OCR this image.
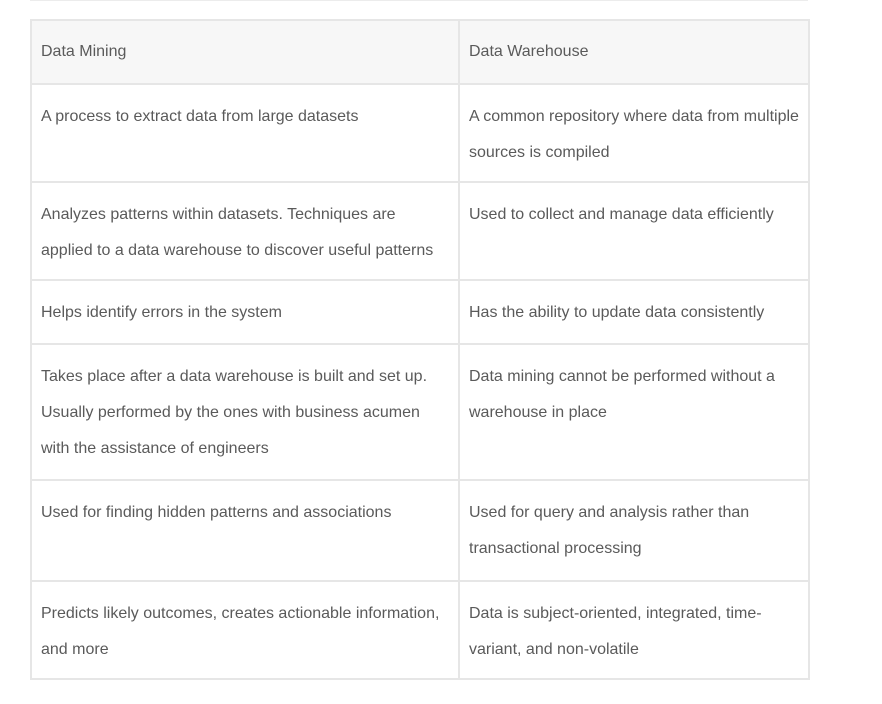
Data Mining	Data Warehouse
A process to extract data from large datasets	A common repository where data from multiple sources is compiled
Analyzes patterns within datasets. Techniques are applied to a data warehouse to discover useful patterns	Used to collect and manage data efficiently
Helps identify errors in the system	Has the ability to update data consistently
Takes place after a data warehouse is built and set up. Usually performed by the ones with business acumen with the assistance of engineers	Data mining cannot be performed without a warehouse in place
Used for finding hidden patterns and associations	Used for query and analysis rather than transactional processing
Predicts likely outcomes, creates actionable information, and more	Data is subject-oriented, integrated, time-variant, and non-volatile
